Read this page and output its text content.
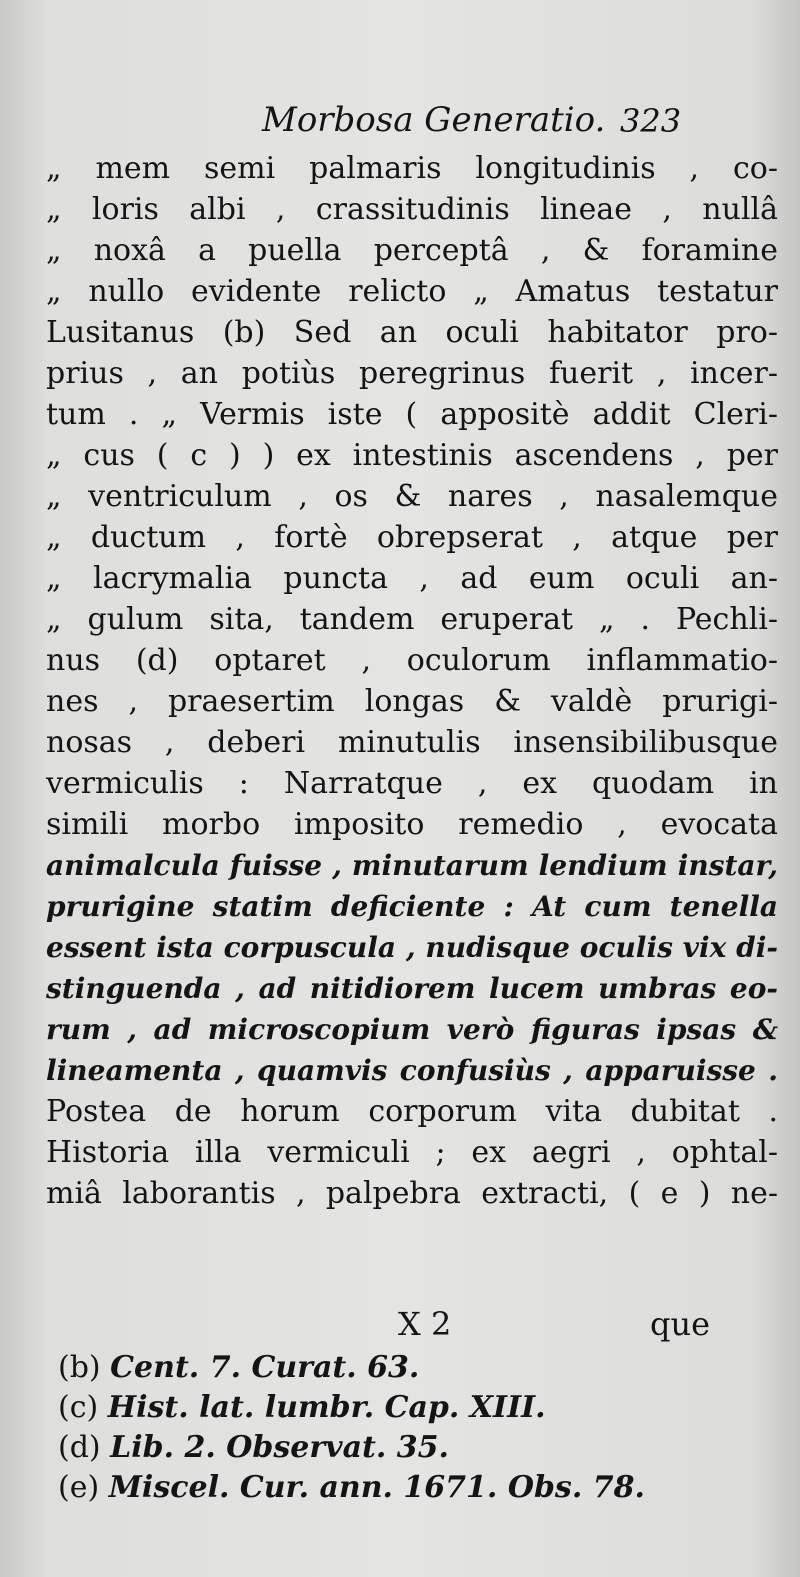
Morbosa Generatio. 323
„ mem semi palmaris longitudinis , co-
„ loris albi , crassitudinis lineae , nullâ
„ noxâ a puella perceptâ , & foramine
„ nullo evidente relicto „ Amatus testatur
Lusitanus (b) Sed an oculi habitator pro-
prius , an potiùs peregrinus fuerit , incer-
tum . „ Vermis iste ( appositè addit Cleri-
„ cus ( c ) ) ex intestinis ascendens , per
„ ventriculum , os & nares , nasalemque
„ ductum , fortè obrepserat , atque per
„ lacrymalia puncta , ad eum oculi an-
„ gulum sita, tandem eruperat „ . Pechli-
nus (d) optaret , oculorum inflammatio-
nes , praesertim longas & valdè prurigi-
nosas , deberi minutulis insensibilibusque
vermiculis : Narratque , ex quodam in
simili morbo imposito remedio , evocata
animalcula fuisse , minutarum lendium instar,
prurigine statim deficiente : At cum tenella
essent ista corpuscula , nudisque oculis vix di-
stinguenda , ad nitidiorem lucem umbras eo-
rum , ad microscopium verò figuras ipsas &
lineamenta , quamvis confusiùs , apparuisse .
Postea de horum corporum vita dubitat .
Historia illa vermiculi ; ex aegri , ophtal-
miâ laborantis , palpebra extracti, ( e ) ne-
X 2	que
(b) Cent. 7. Curat. 63.
(c) Hist. lat. lumbr. Cap. XIII.
(d) Lib. 2. Observat. 35.
(e) Miscel. Cur. ann. 1671. Obs. 78.
